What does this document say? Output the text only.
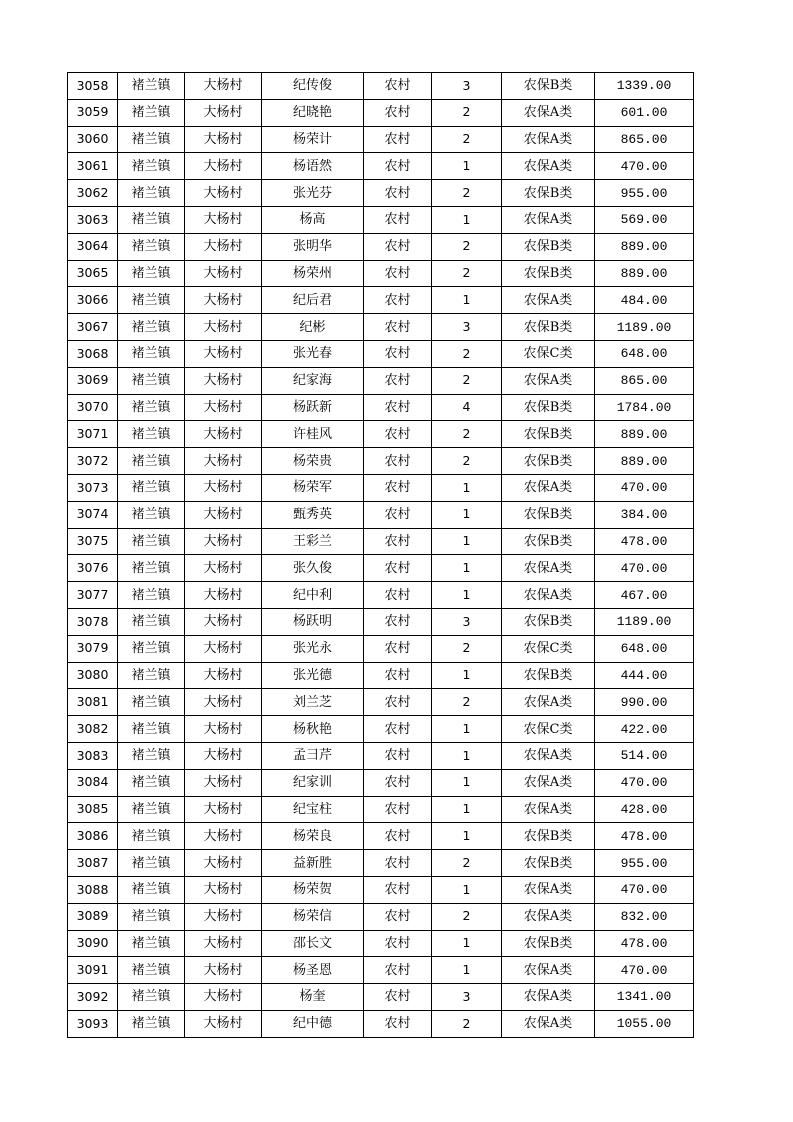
3058	褚兰镇	大杨村	纪传俊	农村	3	农保B类	1339.00
3059	褚兰镇	大杨村	纪晓艳	农村	2	农保A类	601.00
3060	褚兰镇	大杨村	杨荣计	农村	2	农保A类	865.00
3061	褚兰镇	大杨村	杨语然	农村	1	农保A类	470.00
3062	褚兰镇	大杨村	张光芬	农村	2	农保B类	955.00
3063	褚兰镇	大杨村	杨高	农村	1	农保A类	569.00
3064	褚兰镇	大杨村	张明华	农村	2	农保B类	889.00
3065	褚兰镇	大杨村	杨荣州	农村	2	农保B类	889.00
3066	褚兰镇	大杨村	纪后君	农村	1	农保A类	484.00
3067	褚兰镇	大杨村	纪彬	农村	3	农保B类	1189.00
3068	褚兰镇	大杨村	张光春	农村	2	农保C类	648.00
3069	褚兰镇	大杨村	纪家海	农村	2	农保A类	865.00
3070	褚兰镇	大杨村	杨跃新	农村	4	农保B类	1784.00
3071	褚兰镇	大杨村	许桂风	农村	2	农保B类	889.00
3072	褚兰镇	大杨村	杨荣贵	农村	2	农保B类	889.00
3073	褚兰镇	大杨村	杨荣军	农村	1	农保A类	470.00
3074	褚兰镇	大杨村	甄秀英	农村	1	农保B类	384.00
3075	褚兰镇	大杨村	王彩兰	农村	1	农保B类	478.00
3076	褚兰镇	大杨村	张久俊	农村	1	农保A类	470.00
3077	褚兰镇	大杨村	纪中利	农村	1	农保A类	467.00
3078	褚兰镇	大杨村	杨跃明	农村	3	农保B类	1189.00
3079	褚兰镇	大杨村	张光永	农村	2	农保C类	648.00
3080	褚兰镇	大杨村	张光德	农村	1	农保B类	444.00
3081	褚兰镇	大杨村	刘兰芝	农村	2	农保A类	990.00
3082	褚兰镇	大杨村	杨秋艳	农村	1	农保C类	422.00
3083	褚兰镇	大杨村	孟彐芹	农村	1	农保A类	514.00
3084	褚兰镇	大杨村	纪家训	农村	1	农保A类	470.00
3085	褚兰镇	大杨村	纪宝柱	农村	1	农保A类	428.00
3086	褚兰镇	大杨村	杨荣良	农村	1	农保B类	478.00
3087	褚兰镇	大杨村	益新胜	农村	2	农保B类	955.00
3088	褚兰镇	大杨村	杨荣贺	农村	1	农保A类	470.00
3089	褚兰镇	大杨村	杨荣信	农村	2	农保A类	832.00
3090	褚兰镇	大杨村	邵长文	农村	1	农保B类	478.00
3091	褚兰镇	大杨村	杨圣恩	农村	1	农保A类	470.00
3092	褚兰镇	大杨村	杨奎	农村	3	农保A类	1341.00
3093	褚兰镇	大杨村	纪中德	农村	2	农保A类	1055.00
